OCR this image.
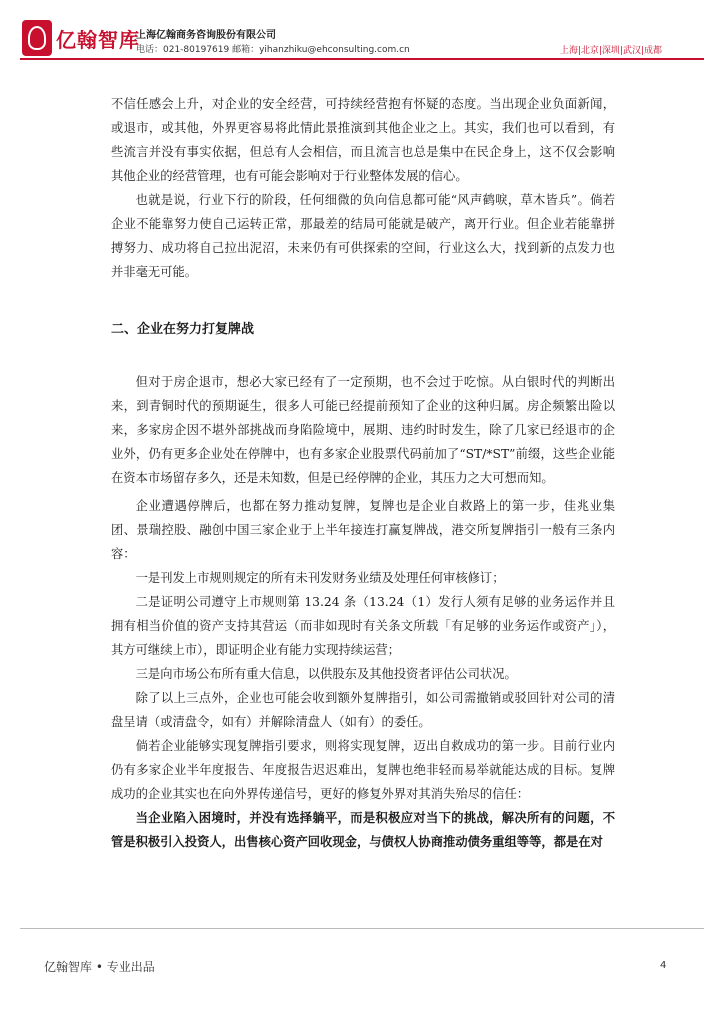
亿翰智库
上海亿翰商务咨询股份有限公司
电话：021-80197619 邮箱：yihanzhiku@ehconsulting.com.cn	上海|北京|深圳|武汉|成都

不信任感会上升，对企业的安全经营，可持续经营抱有怀疑的态度。当出现企业负面新闻，或退市，或其他，外界更容易将此情此景推演到其他企业之上。其实，我们也可以看到，有些流言并没有事实依据，但总有人会相信，而且流言也总是集中在民企身上，这不仅会影响其他企业的经营管理，也有可能会影响对于行业整体发展的信心。

也就是说，行业下行的阶段，任何细微的负向信息都可能“风声鹤唳，草木皆兵”。倘若企业不能靠努力使自己运转正常，那最差的结局可能就是破产，离开行业。但企业若能靠拼搏努力、成功将自己拉出泥沼，未来仍有可供探索的空间，行业这么大，找到新的点发力也并非毫无可能。

二、企业在努力打复牌战

但对于房企退市，想必大家已经有了一定预期，也不会过于吃惊。从白银时代的判断出来，到青铜时代的预期诞生，很多人可能已经提前预知了企业的这种归属。房企频繁出险以来，多家房企因不堪外部挑战而身陷险境中，展期、违约时时发生，除了几家已经退市的企业外，仍有更多企业处在停牌中，也有多家企业股票代码前加了“ST/*ST”前缀，这些企业能在资本市场留存多久，还是未知数，但是已经停牌的企业，其压力之大可想而知。

企业遭遇停牌后，也都在努力推动复牌，复牌也是企业自救路上的第一步，佳兆业集团、景瑞控股、融创中国三家企业于上半年接连打赢复牌战，港交所复牌指引一般有三条内容：

一是刊发上市规则规定的所有未刊发财务业绩及处理任何审核修订；

二是证明公司遵守上市规则第 13.24 条（13.24（1）发行人须有足够的业务运作并且拥有相当价值的资产支持其营运（而非如现时有关条文所载「有足够的业务运作或资产」），其方可继续上市），即证明企业有能力实现持续运营；

三是向市场公布所有重大信息，以供股东及其他投资者评估公司状况。

除了以上三点外，企业也可能会收到额外复牌指引，如公司需撤销或驳回针对公司的清盘呈请（或清盘令，如有）并解除清盘人（如有）的委任。

倘若企业能够实现复牌指引要求，则将实现复牌，迈出自救成功的第一步。目前行业内仍有多家企业半年度报告、年度报告迟迟难出，复牌也绝非轻而易举就能达成的目标。复牌成功的企业其实也在向外界传递信号，更好的修复外界对其消失殆尽的信任：

当企业陷入困境时，并没有选择躺平，而是积极应对当下的挑战，解决所有的问题，不管是积极引入投资人，出售核心资产回收现金，与债权人协商推动债务重组等等，都是在对

亿翰智库 • 专业出品	4
